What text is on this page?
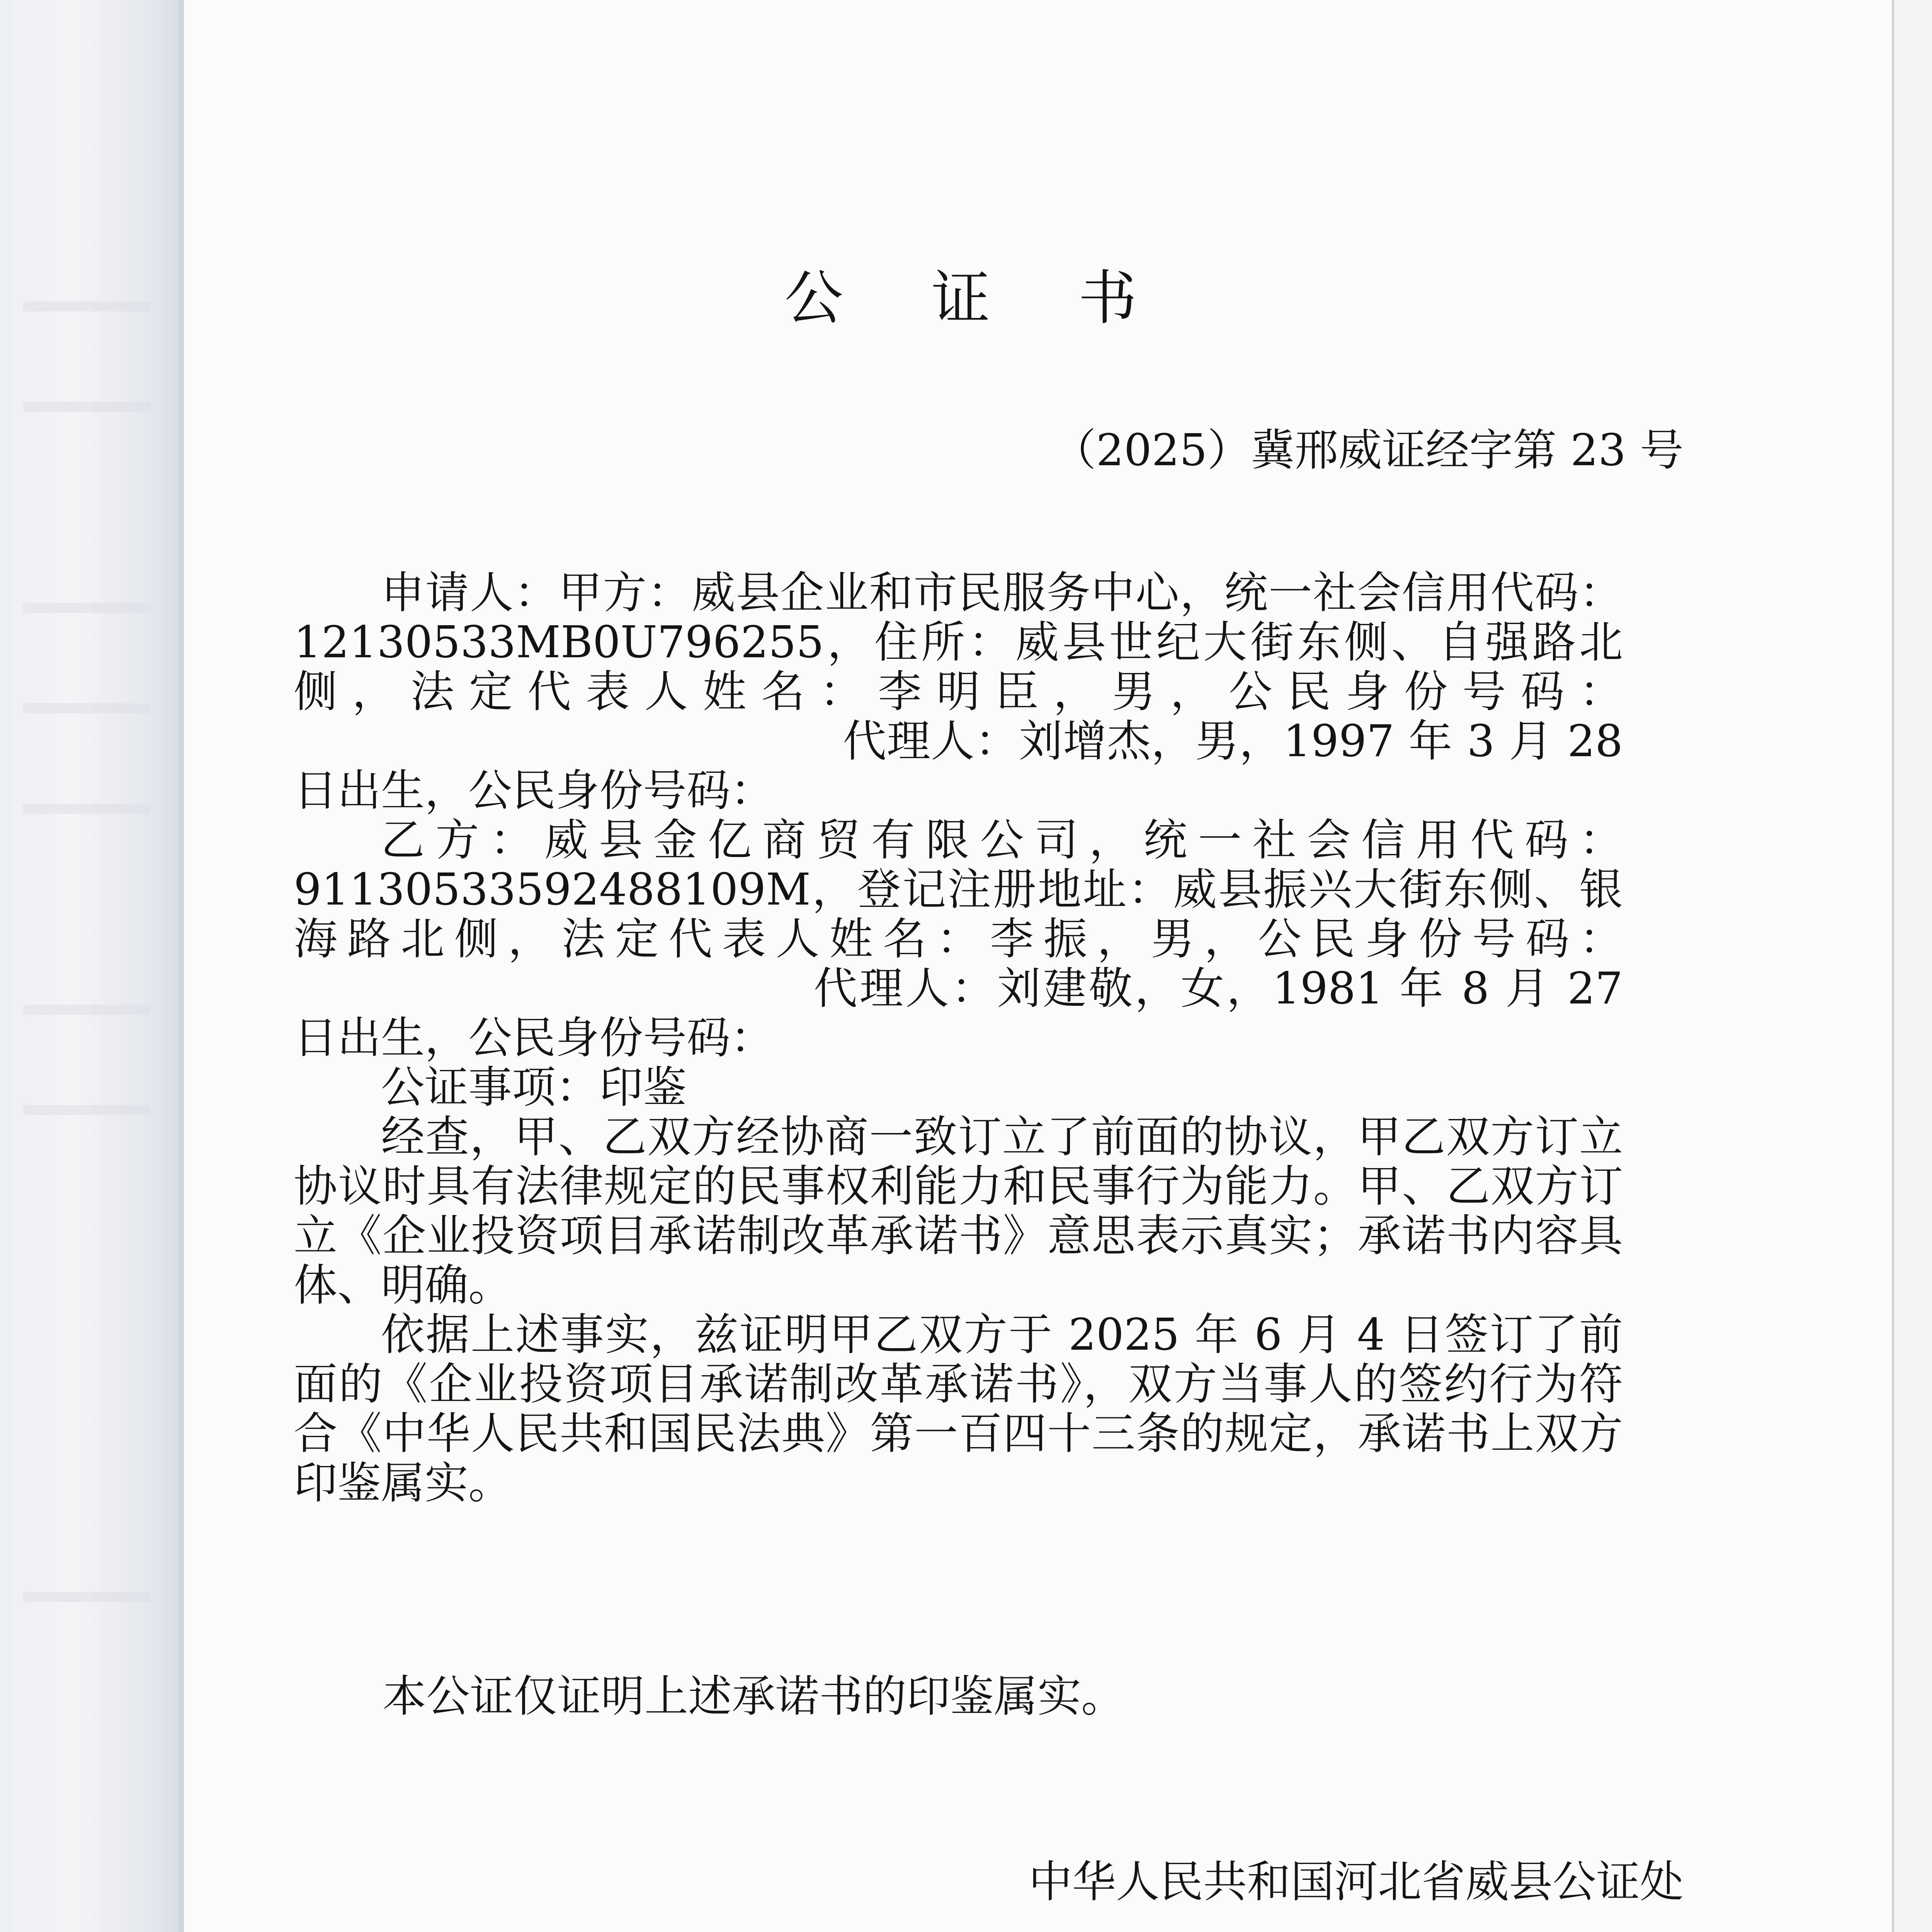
公 证 书
（2025）冀邢威证经字第 23 号

申请人：甲方：威县企业和市民服务中心，统一社会信用代码：12130533MB0U796255，住所：威县世纪大街东侧、自强路北侧，法定代表人姓名：李明臣，男，公民身份号码：代理人：刘增杰，男，1997 年 3 月 28 日出生，公民身份号码：

乙方：威县金亿商贸有限公司，统一社会信用代码：91130533592488109M，登记注册地址：威县振兴大街东侧、银海路北侧，法定代表人姓名：李振，男，公民身份号码：代理人：刘建敬，女，1981 年 8 月 27 日出生，公民身份号码：

公证事项：印鉴

经查，甲、乙双方经协商一致订立了前面的协议，甲乙双方订立协议时具有法律规定的民事权利能力和民事行为能力。甲、乙双方订立《企业投资项目承诺制改革承诺书》意思表示真实；承诺书内容具体、明确。

依据上述事实，兹证明甲乙双方于 2025 年 6 月 4 日签订了前面的《企业投资项目承诺制改革承诺书》，双方当事人的签约行为符合《中华人民共和国民法典》第一百四十三条的规定，承诺书上双方印鉴属实。

本公证仅证明上述承诺书的印鉴属实。
中华人民共和国河北省威县公证处
